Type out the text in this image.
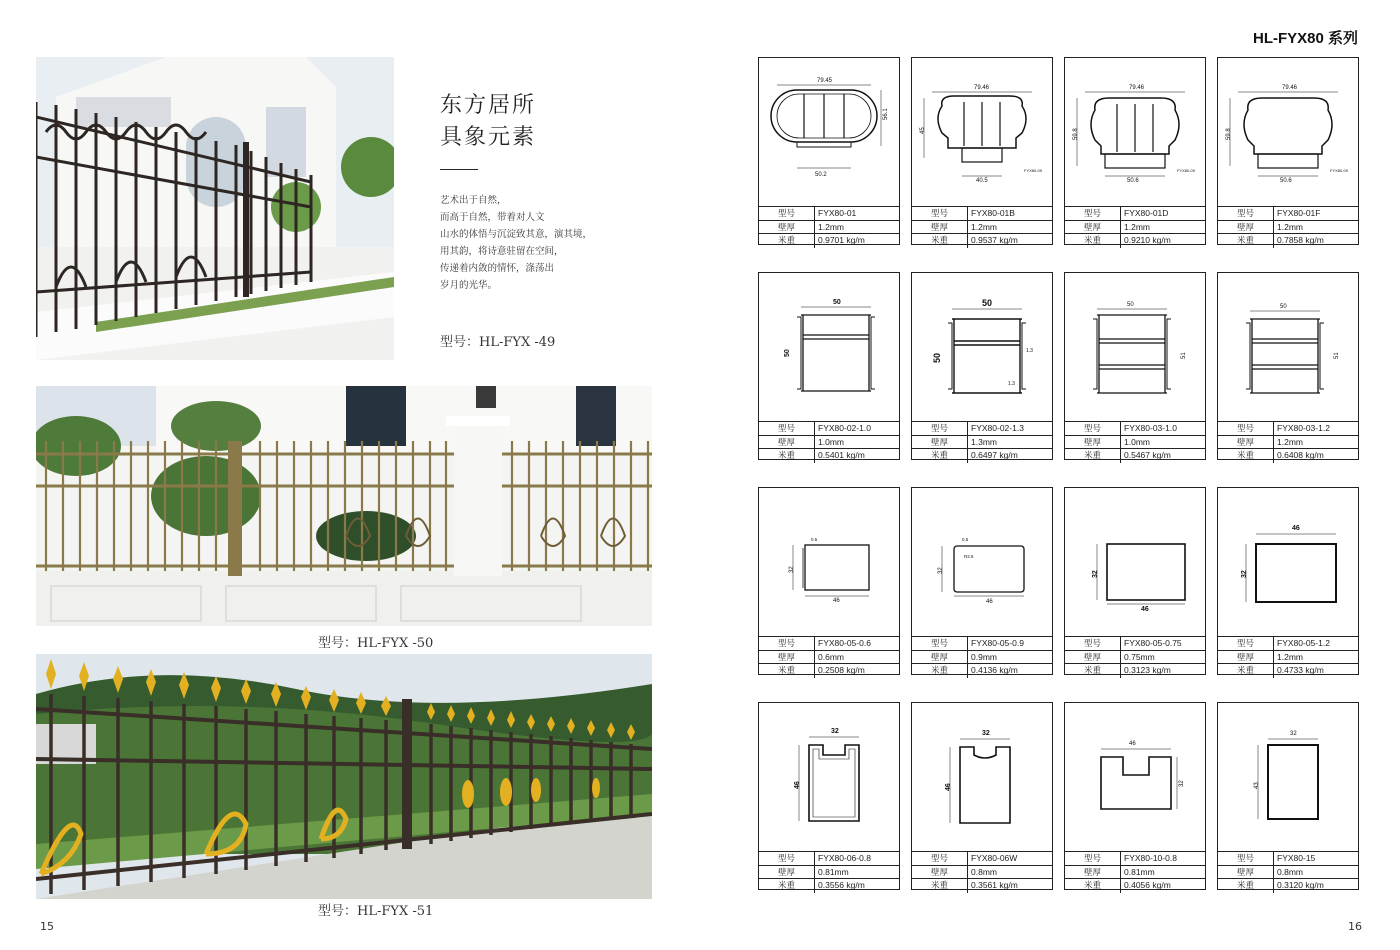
东方居所
具象元素
艺术出于自然，
而高于自然，带着对人文
山水的体悟与沉淀致其意，演其境，
用其韵，将诗意驻留在空间，
传递着内敛的情怀，涤荡出
岁月的光华。
型号：HL-FYX -49
型号：HL-FYX -50
型号：HL-FYX -51
15
HL-FYX80 系列
79.45
56.1
50.2
型号	FYX80-01
壁厚	1.2mm
米重	0.9701 kg/m
79.46
45
40.5
FYX80-09
型号	FYX80-01B
壁厚	1.2mm
米重	0.9537 kg/m
79.46
59.8
50.6
FYX80-09
型号	FYX80-01D
壁厚	1.2mm
米重	0.9210 kg/m
79.46
59.8
50.6
FYX80-09
型号	FYX80-01F
壁厚	1.2mm
米重	0.7858 kg/m
50
50
型号	FYX80-02-1.0
壁厚	1.0mm
米重	0.5401 kg/m
50
50
1.3
1.3
型号	FYX80-02-1.3
壁厚	1.3mm
米重	0.6497 kg/m
50
51
型号	FYX80-03-1.0
壁厚	1.0mm
米重	0.5467 kg/m
50
51
型号	FYX80-03-1.2
壁厚	1.2mm
米重	0.6408 kg/m
0.5
32
46
型号	FYX80-05-0.6
壁厚	0.6mm
米重	0.2508 kg/m
0.5
R2.5
32
46
型号	FYX80-05-0.9
壁厚	0.9mm
米重	0.4136 kg/m
32
46
型号	FYX80-05-0.75
壁厚	0.75mm
米重	0.3123 kg/m
46
32
型号	FYX80-05-1.2
壁厚	1.2mm
米重	0.4733 kg/m
32
46
型号	FYX80-06-0.8
壁厚	0.81mm
米重	0.3556 kg/m
32
46
型号	FYX80-06W
壁厚	0.8mm
米重	0.3561 kg/m
46
32
型号	FYX80-10-0.8
壁厚	0.81mm
米重	0.4056 kg/m
32
43
型号	FYX80-15
壁厚	0.8mm
米重	0.3120 kg/m
16
